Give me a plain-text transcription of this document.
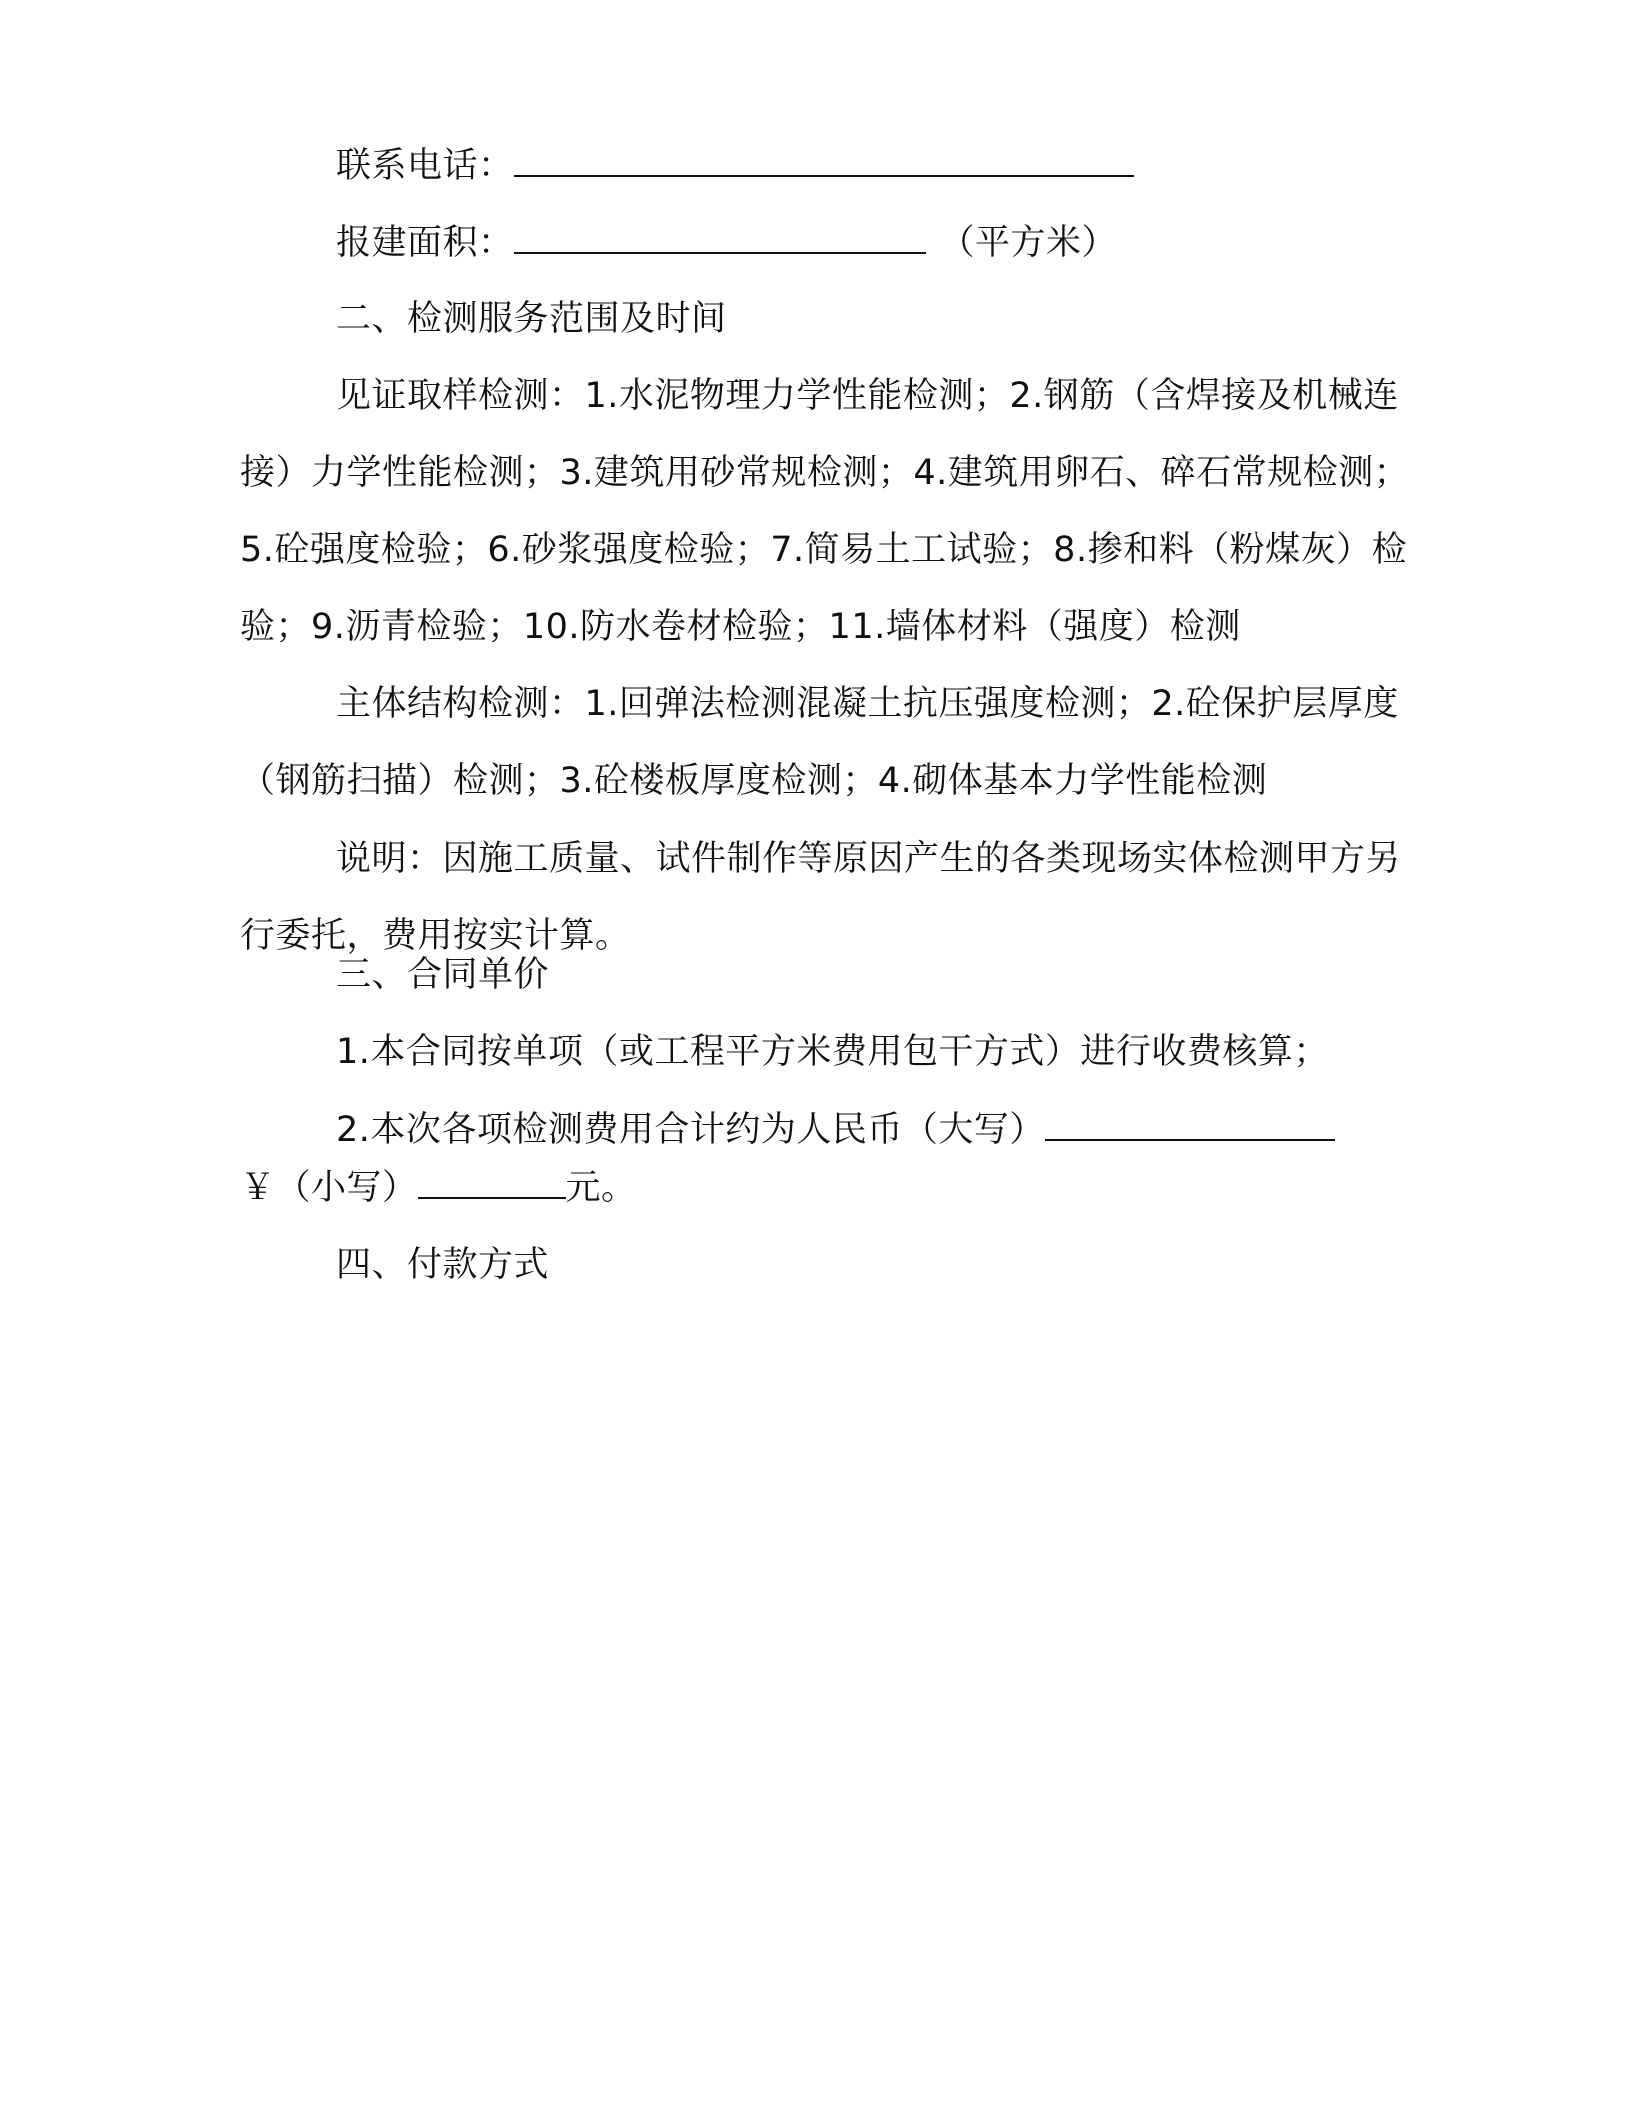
联系电话：
报建面积：	（平方米）
二、检测服务范围及时间
见证取样检测：1.水泥物理力学性能检测；2.钢筋（含焊接及机械连接）力学性能检测；3.建筑用砂常规检测；4.建筑用卵石、碎石常规检测；5.砼强度检验；6.砂浆强度检验；7.简易土工试验；8.掺和料（粉煤灰）检验；9.沥青检验；10.防水卷材检验；11.墙体材料（强度）检测
主体结构检测：1.回弹法检测混凝土抗压强度检测；2.砼保护层厚度（钢筋扫描）检测；3.砼楼板厚度检测；4.砌体基本力学性能检测
说明：因施工质量、试件制作等原因产生的各类现场实体检测甲方另行委托，费用按实计算。
三、合同单价
1.本合同按单项（或工程平方米费用包干方式）进行收费核算；
2.本次各项检测费用合计约为人民币（大写）
￥（小写）	元。
四、付款方式
